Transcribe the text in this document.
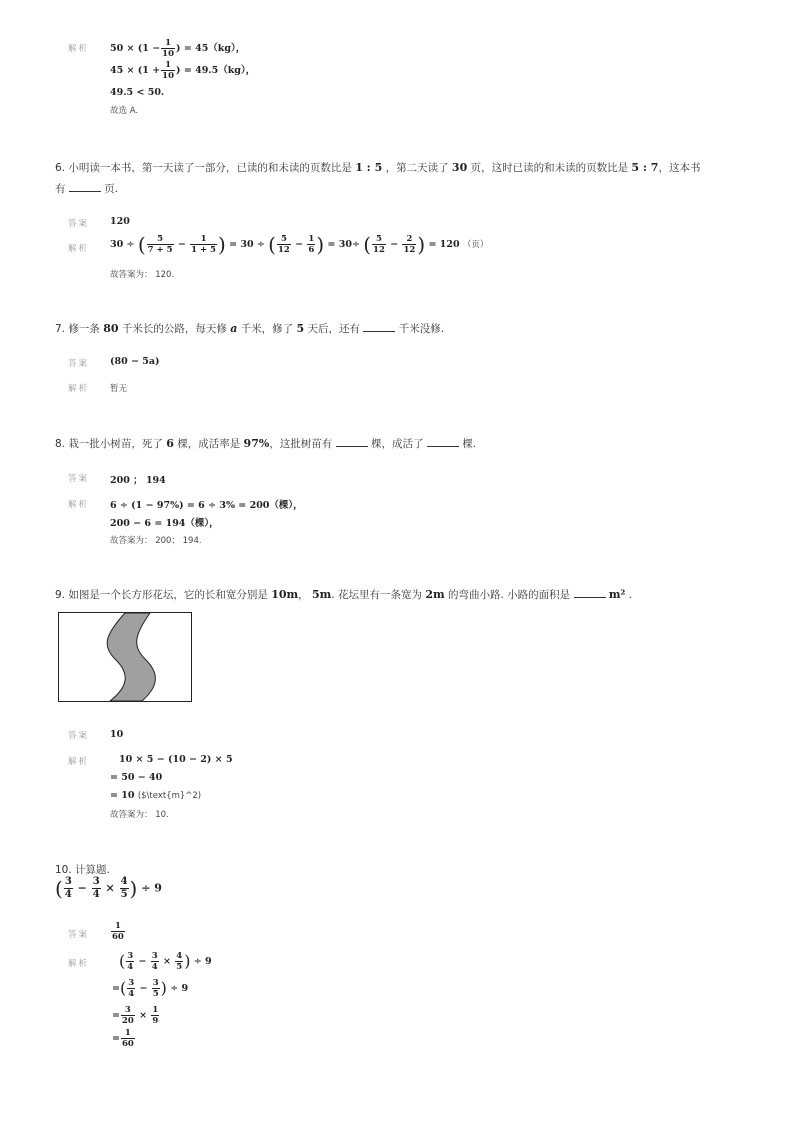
解析 $50 \times (1 - \frac{1}{10}$ ) = 45（kg），
$45 \times (1 + \frac{1}{10}$ ) = 49.5（kg），
49.5 < 50.
故选 A.
6. 小明读一本书，第一天读了一部分，已读的和未读的页数比是 1 : 5 ，第二天读了 30 页，这时已读的和未读的页数比是 5 : 7，这本书
有	页.
答案 120
解析 30 ÷ ( $\frac{5}{7 + 5} - \frac{1}{1 + 5}$ ) = 30 ÷ ( $\frac{5}{12} - \frac{1}{6}$ ) = 30÷ ( $\frac{5}{12} - \frac{2}{12}$ ) = 120 （页）
故答案为： 120.
7. 修一条 80 千米长的公路，每天修 a 千米，修了 5 天后，还有	千米没修.
答案 (80 − 5a)
解析 暂无
8. 栽一批小树苗，死了 6 棵，成活率是 97%，这批树苗有	棵，成活了	棵.
答案 200 ； 194
解析 6 ÷ (1 − 97%) = 6 ÷ 3% = 200（棵），
200 − 6 = 194（棵），
故答案为： 200； 194.
9. 如图是一个长方形花坛，它的长和宽分别是 10m， 5m. 花坛里有一条宽为 2m 的弯曲小路. 小路的面积是	m² .
答案 10
解析	10 × 5 − (10 − 2) × 5
= 50 − 40
= 10 ($\text{m}^2)
故答案为： 10.
10. 计算题.
( $\frac{3}{4} - \frac{3}{4} \times \frac{4}{5}$ ) ÷ 9
答案	$\frac{1}{60}$
解析 ( $\frac{3}{4} - \frac{3}{4} \times \frac{4}{5}$ ) ÷ 9
=( $\frac{3}{4} - \frac{3}{5}$ ) ÷ 9
= $\frac{3}{20} \times \frac{1}{9}$
= $\frac{1}{60}$
